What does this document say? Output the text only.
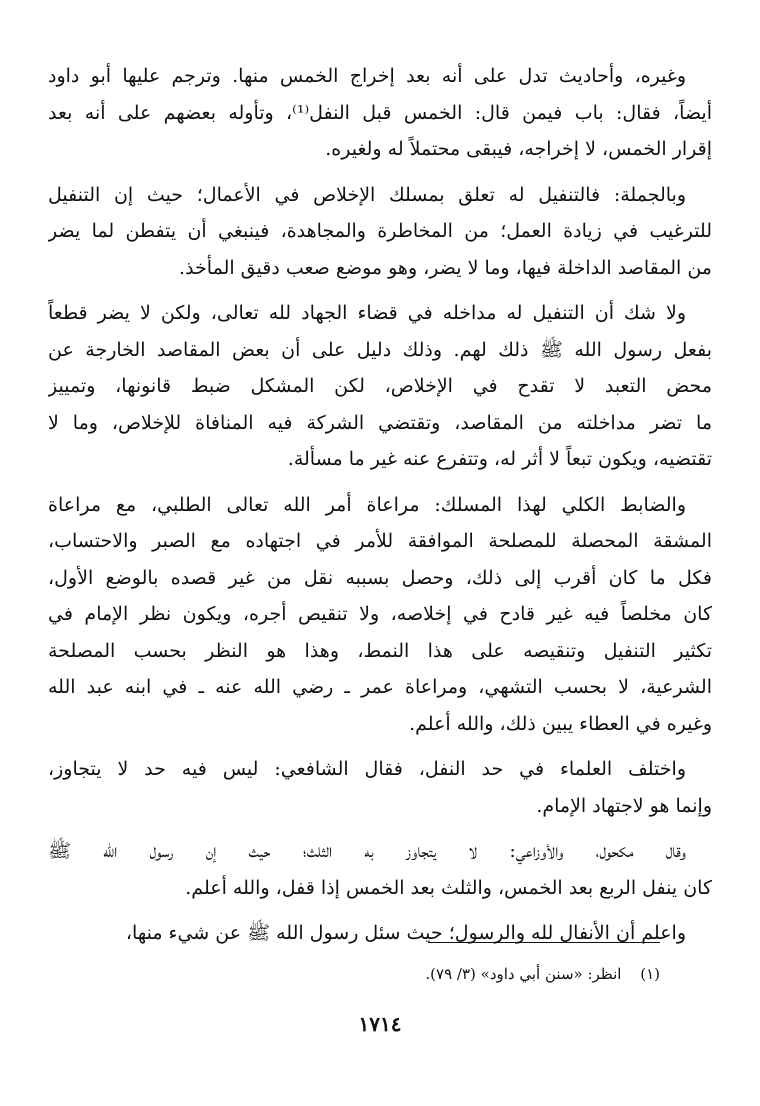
وغيره، وأحاديث تدل على أنه بعد إخراج الخمس منها. وترجم عليها أبو داود
أيضاً، فقال: باب فيمن قال: الخمس قبل النفل⁽¹⁾، وتأوله بعضهم على أنه بعد
إقرار الخمس، لا إخراجه، فيبقى محتملاً له ولغيره.
وبالجملة: فالتنفيل له تعلق بمسلك الإخلاص في الأعمال؛ حيث إن التنفيل
للترغيب في زيادة العمل؛ من المخاطرة والمجاهدة، فينبغي أن يتفطن لما يضر
من المقاصد الداخلة فيها، وما لا يضر، وهو موضع صعب دقيق المأخذ.
ولا شك أن التنفيل له مداخله في قضاء الجهاد لله تعالى، ولكن لا يضر قطعاً
بفعل رسول الله ﷺ ذلك لهم. وذلك دليل على أن بعض المقاصد الخارجة عن
محض التعبد لا تقدح في الإخلاص، لكن المشكل ضبط قانونها، وتمييز
ما تضر مداخلته من المقاصد، وتقتضي الشركة فيه المنافاة للإخلاص، وما لا
تقتضيه، ويكون تبعاً لا أثر له، وتتفرع عنه غير ما مسألة.
والضابط الكلي لهذا المسلك: مراعاة أمر الله تعالى الطلبي، مع مراعاة
المشقة المحصلة للمصلحة الموافقة للأمر في اجتهاده مع الصبر والاحتساب،
فكل ما كان أقرب إلى ذلك، وحصل بسببه نقل من غير قصده بالوضع الأول،
كان مخلصاً فيه غير قادح في إخلاصه، ولا تنقيص أجره، ويكون نظر الإمام في
تكثير التنفيل وتنقيصه على هذا النمط، وهذا هو النظر بحسب المصلحة
الشرعية، لا بحسب التشهي، ومراعاة عمر ـ رضي الله عنه ـ في ابنه عبد الله
وغيره في العطاء يبين ذلك، والله أعلم.
واختلف العلماء في حد النفل، فقال الشافعي: ليس فيه حد لا يتجاوز،
وإنما هو لاجتهاد الإمام.
وقال مكحول، والأوزاعي: لا يتجاوز به الثلث؛ حيث إن رسول الله ﷺ
كان ينفل الربع بعد الخمس، والثلث بعد الخمس إذا قفل، والله أعلم.
واعلم أن الأنفال لله والرسول؛ حيث سئل رسول الله ﷺ عن شيء منها،
(١) انظر: «سنن أبي داود» (٣/ ٧٩).
١٧١٤
